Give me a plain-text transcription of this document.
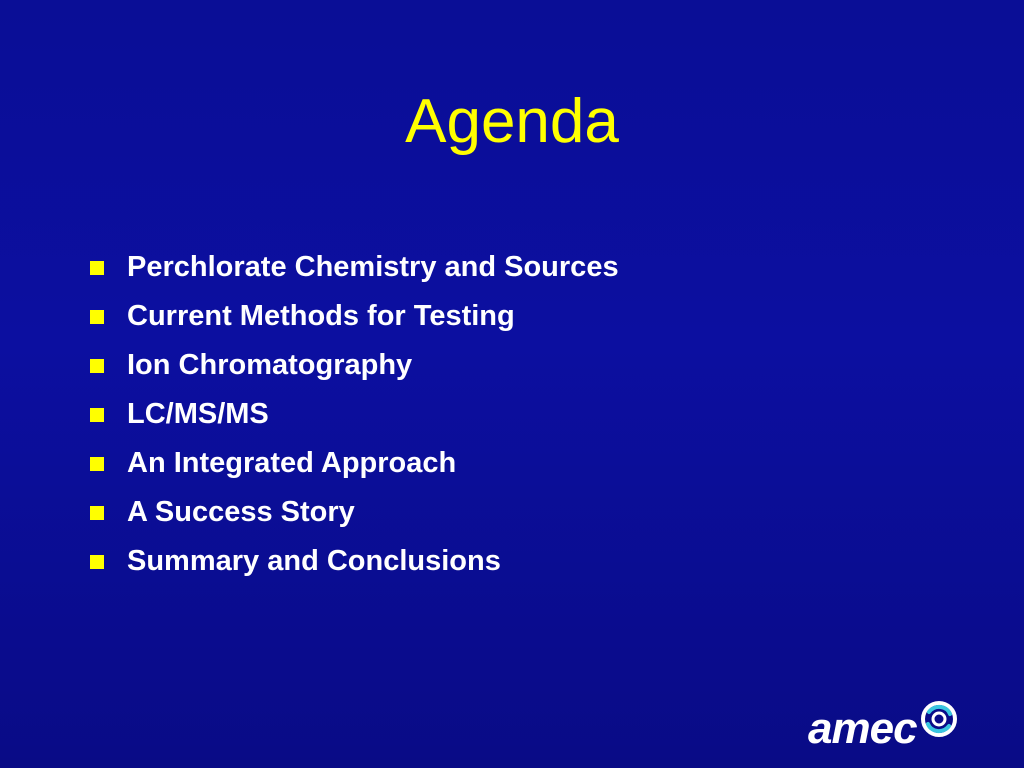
Agenda
Perchlorate Chemistry and Sources
Current Methods for Testing
Ion Chromatography
LC/MS/MS
An Integrated Approach
A Success Story
Summary and Conclusions
amec
